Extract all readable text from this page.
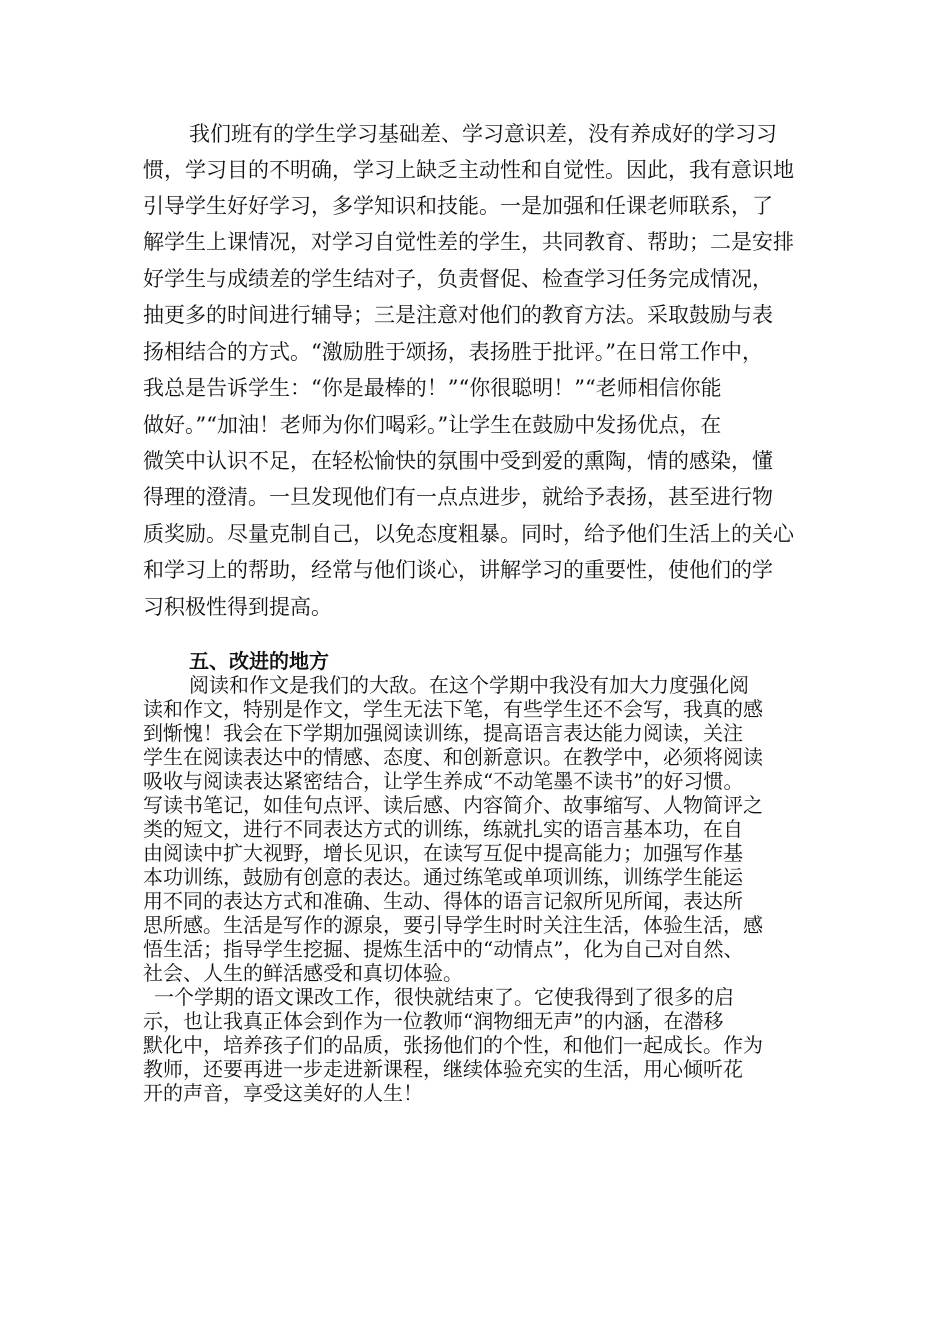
我们班有的学生学习基础差、学习意识差，没有养成好的学习习

惯，学习目的不明确，学习上缺乏主动性和自觉性。因此，我有意识地

引导学生好好学习，多学知识和技能。一是加强和任课老师联系，了

解学生上课情况，对学习自觉性差的学生，共同教育、帮助；二是安排

好学生与成绩差的学生结对子，负责督促、检查学习任务完成情况，

抽更多的时间进行辅导；三是注意对他们的教育方法。采取鼓励与表

扬相结合的方式。“激励胜于颂扬，表扬胜于批评。”在日常工作中，

我总是告诉学生：“你是最棒的！”“你很聪明！”“老师相信你能

做好。”“加油！老师为你们喝彩。”让学生在鼓励中发扬优点，在

微笑中认识不足，在轻松愉快的氛围中受到爱的熏陶，情的感染，懂

得理的澄清。一旦发现他们有一点点进步，就给予表扬，甚至进行物

质奖励。尽量克制自己，以免态度粗暴。同时，给予他们生活上的关心

和学习上的帮助，经常与他们谈心，讲解学习的重要性，使他们的学

习积极性得到提高。

五、改进的地方

阅读和作文是我们的大敌。在这个学期中我没有加大力度强化阅

读和作文，特别是作文，学生无法下笔，有些学生还不会写，我真的感

到惭愧！我会在下学期加强阅读训练，提高语言表达能力阅读，关注

学生在阅读表达中的情感、态度、和创新意识。在教学中，必须将阅读

吸收与阅读表达紧密结合，让学生养成“不动笔墨不读书”的好习惯。

写读书笔记，如佳句点评、读后感、内容简介、故事缩写、人物简评之

类的短文，进行不同表达方式的训练，练就扎实的语言基本功，在自

由阅读中扩大视野，增长见识，在读写互促中提高能力；加强写作基

本功训练，鼓励有创意的表达。通过练笔或单项训练，训练学生能运

用不同的表达方式和准确、生动、得体的语言记叙所见所闻，表达所

思所感。生活是写作的源泉，要引导学生时时关注生活，体验生活，感

悟生活；指导学生挖掘、提炼生活中的“动情点”，化为自己对自然、

社会、人生的鲜活感受和真切体验。

一个学期的语文课改工作，很快就结束了。它使我得到了很多的启

示，也让我真正体会到作为一位教师“润物细无声”的内涵，在潜移

默化中，培养孩子们的品质，张扬他们的个性，和他们一起成长。作为

教师，还要再进一步走进新课程，继续体验充实的生活，用心倾听花

开的声音，享受这美好的人生！
